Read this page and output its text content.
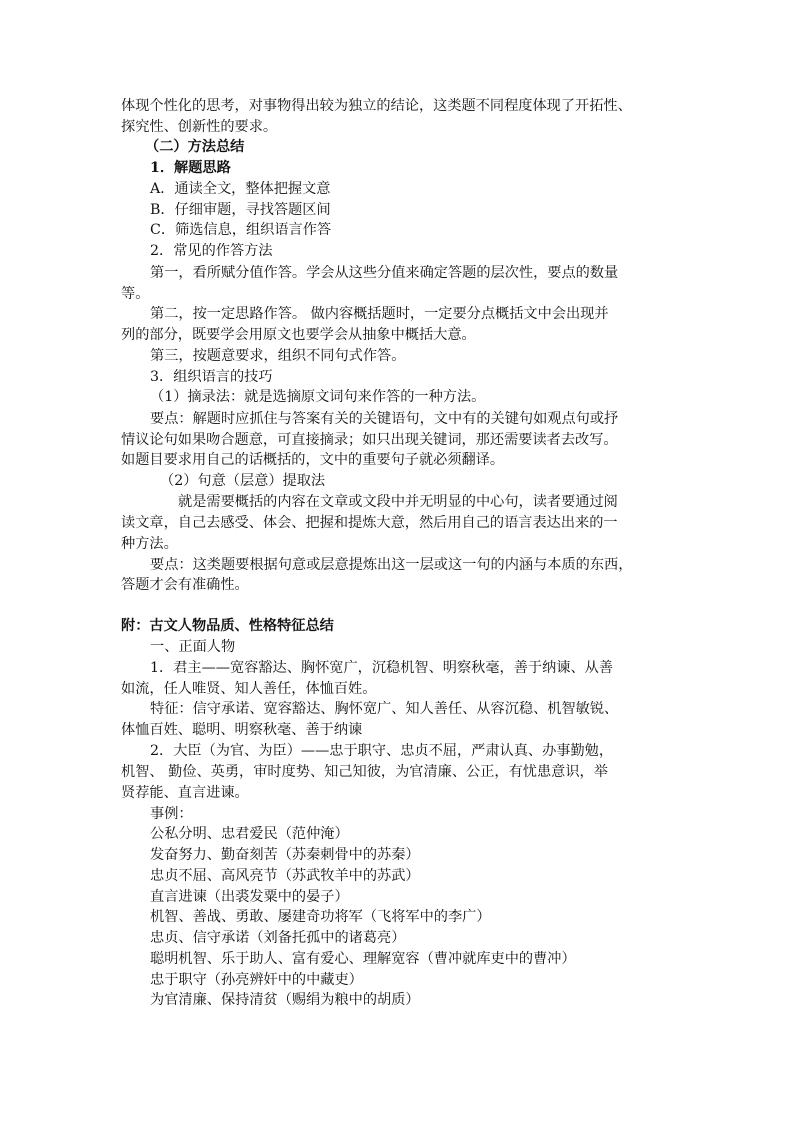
体现个性化的思考，对事物得出较为独立的结论，这类题不同程度体现了开拓性、
探究性、创新性的要求。
（二）方法总结
1．解题思路
A．通读全文，整体把握文意
B．仔细审题，寻找答题区间
C．筛选信息，组织语言作答
2．常见的作答方法
第一，看所赋分值作答。学会从这些分值来确定答题的层次性，要点的数量
等。
第二，按一定思路作答。 做内容概括题时，一定要分点概括文中会出现并
列的部分，既要学会用原文也要学会从抽象中概括大意。
第三，按题意要求，组织不同句式作答。
3．组织语言的技巧
（1）摘录法：就是选摘原文词句来作答的一种方法。
要点：解题时应抓住与答案有关的关键语句，文中有的关键句如观点句或抒
情议论句如果吻合题意，可直接摘录；如只出现关键词，那还需要读者去改写。
如题目要求用自己的话概括的，文中的重要句子就必须翻译。
（2）句意（层意）提取法
就是需要概括的内容在文章或文段中并无明显的中心句，读者要通过阅
读文章，自己去感受、体会、把握和提炼大意，然后用自己的语言表达出来的一
种方法。
要点：这类题要根据句意或层意提炼出这一层或这一句的内涵与本质的东西，
答题才会有准确性。
附：古文人物品质、性格特征总结
一、正面人物
1．君主——宽容豁达、胸怀宽广，沉稳机智、明察秋毫，善于纳谏、从善
如流，任人唯贤、知人善任，体恤百姓。
特征：信守承诺、宽容豁达、胸怀宽广、知人善任、从容沉稳、机智敏锐、
体恤百姓、聪明、明察秋毫、善于纳谏
2．大臣（为官、为臣）——忠于职守、忠贞不屈，严肃认真、办事勤勉，
机智、 勤俭、英勇，审时度势、知己知彼，为官清廉、公正，有忧患意识，举
贤荐能、直言进谏。
事例：
公私分明、忠君爱民（范仲淹）
发奋努力、勤奋刻苦（苏秦刺骨中的苏秦）
忠贞不屈、高风亮节（苏武牧羊中的苏武）
直言进谏（出裘发粟中的晏子）
机智、善战、勇敢、屡建奇功将军（飞将军中的李广）
忠贞、信守承诺（刘备托孤中的诸葛亮）
聪明机智、乐于助人、富有爱心、理解宽容（曹冲就库吏中的曹冲）
忠于职守（孙亮辨奸中的中藏吏）
为官清廉、保持清贫（赐绢为粮中的胡质）
